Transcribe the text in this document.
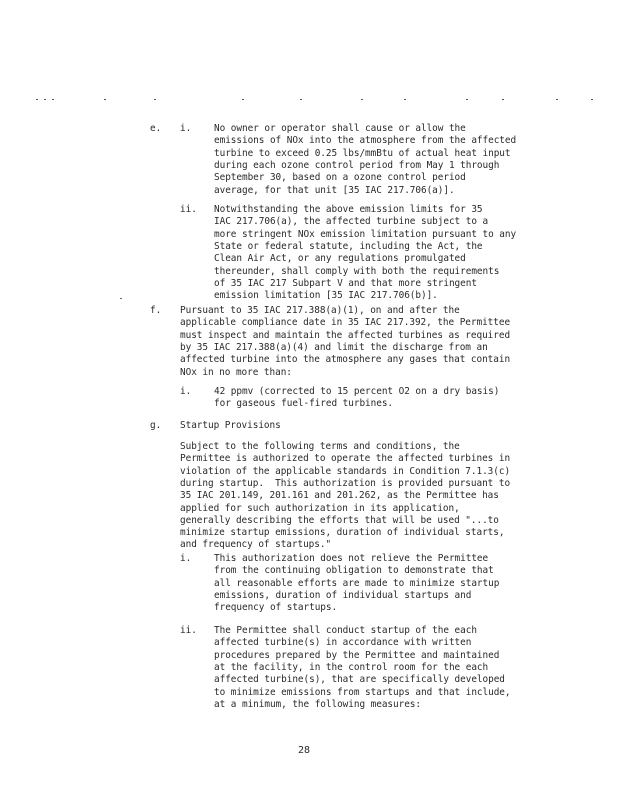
e. i. No owner or operator shall cause or allow the
emissions of NOx into the atmosphere from the affected
turbine to exceed 0.25 lbs/mmBtu of actual heat input
during each ozone control period from May 1 through
September 30, based on a ozone control period
average, for that unit [35 IAC 217.706(a)].
ii. Notwithstanding the above emission limits for 35
IAC 217.706(a), the affected turbine subject to a
more stringent NOx emission limitation pursuant to any
State or federal statute, including the Act, the
Clean Air Act, or any regulations promulgated
thereunder, shall comply with both the requirements
of 35 IAC 217 Subpart V and that more stringent
emission limitation [35 IAC 217.706(b)].
f. Pursuant to 35 IAC 217.388(a)(1), on and after the
applicable compliance date in 35 IAC 217.392, the Permittee
must inspect and maintain the affected turbines as required
by 35 IAC 217.388(a)(4) and limit the discharge from an
affected turbine into the atmosphere any gases that contain
NOx in no more than:
i. 42 ppmv (corrected to 15 percent O2 on a dry basis)
for gaseous fuel-fired turbines.
g. Startup Provisions
Subject to the following terms and conditions, the
Permittee is authorized to operate the affected turbines in
violation of the applicable standards in Condition 7.1.3(c)
during startup.  This authorization is provided pursuant to
35 IAC 201.149, 201.161 and 201.262, as the Permittee has
applied for such authorization in its application,
generally describing the efforts that will be used "...to
minimize startup emissions, duration of individual starts,
and frequency of startups."
i. This authorization does not relieve the Permittee
from the continuing obligation to demonstrate that
all reasonable efforts are made to minimize startup
emissions, duration of individual startups and
frequency of startups.
ii. The Permittee shall conduct startup of the each
affected turbine(s) in accordance with written
procedures prepared by the Permittee and maintained
at the facility, in the control room for the each
affected turbine(s), that are specifically developed
to minimize emissions from startups and that include,
at a minimum, the following measures:
28
